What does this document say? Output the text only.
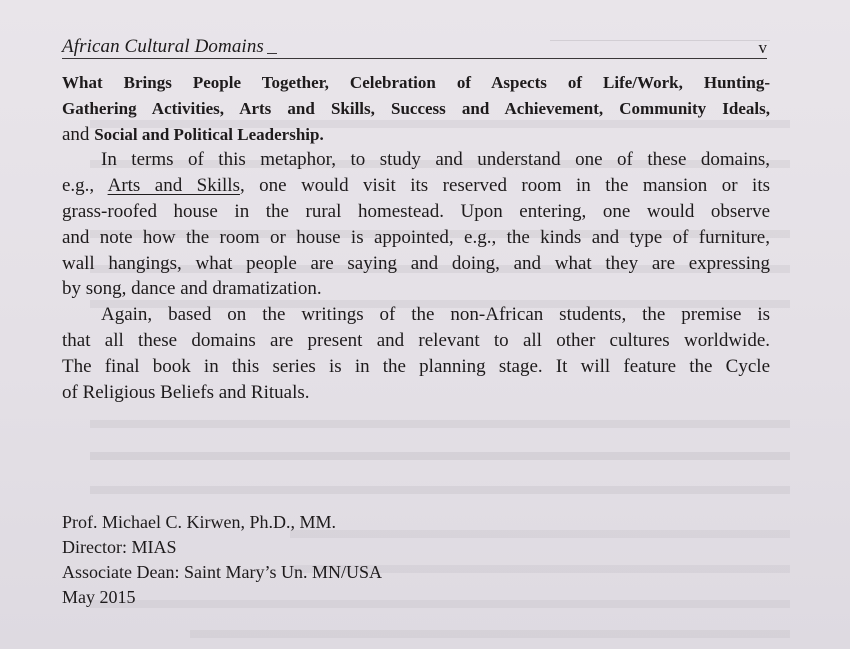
African Cultural Domains	v
What Brings People Together, Celebration of Aspects of Life/Work, Hunting-
Gathering Activities, Arts and Skills, Success and Achievement, Community Ideals,
and Social and Political Leadership.
In terms of this metaphor, to study and understand one of these domains,
e.g., Arts and Skills, one would visit its reserved room in the mansion or its
grass-roofed house in the rural homestead. Upon entering, one would observe
and note how the room or house is appointed, e.g., the kinds and type of furniture,
wall hangings, what people are saying and doing, and what they are expressing
by song, dance and dramatization.
Again, based on the writings of the non-African students, the premise is
that all these domains are present and relevant to all other cultures worldwide.
The final book in this series is in the planning stage. It will feature the Cycle
of Religious Beliefs and Rituals.
Prof. Michael C. Kirwen, Ph.D., MM.
Director: MIAS
Associate Dean: Saint Mary’s Un. MN/USA
May 2015
